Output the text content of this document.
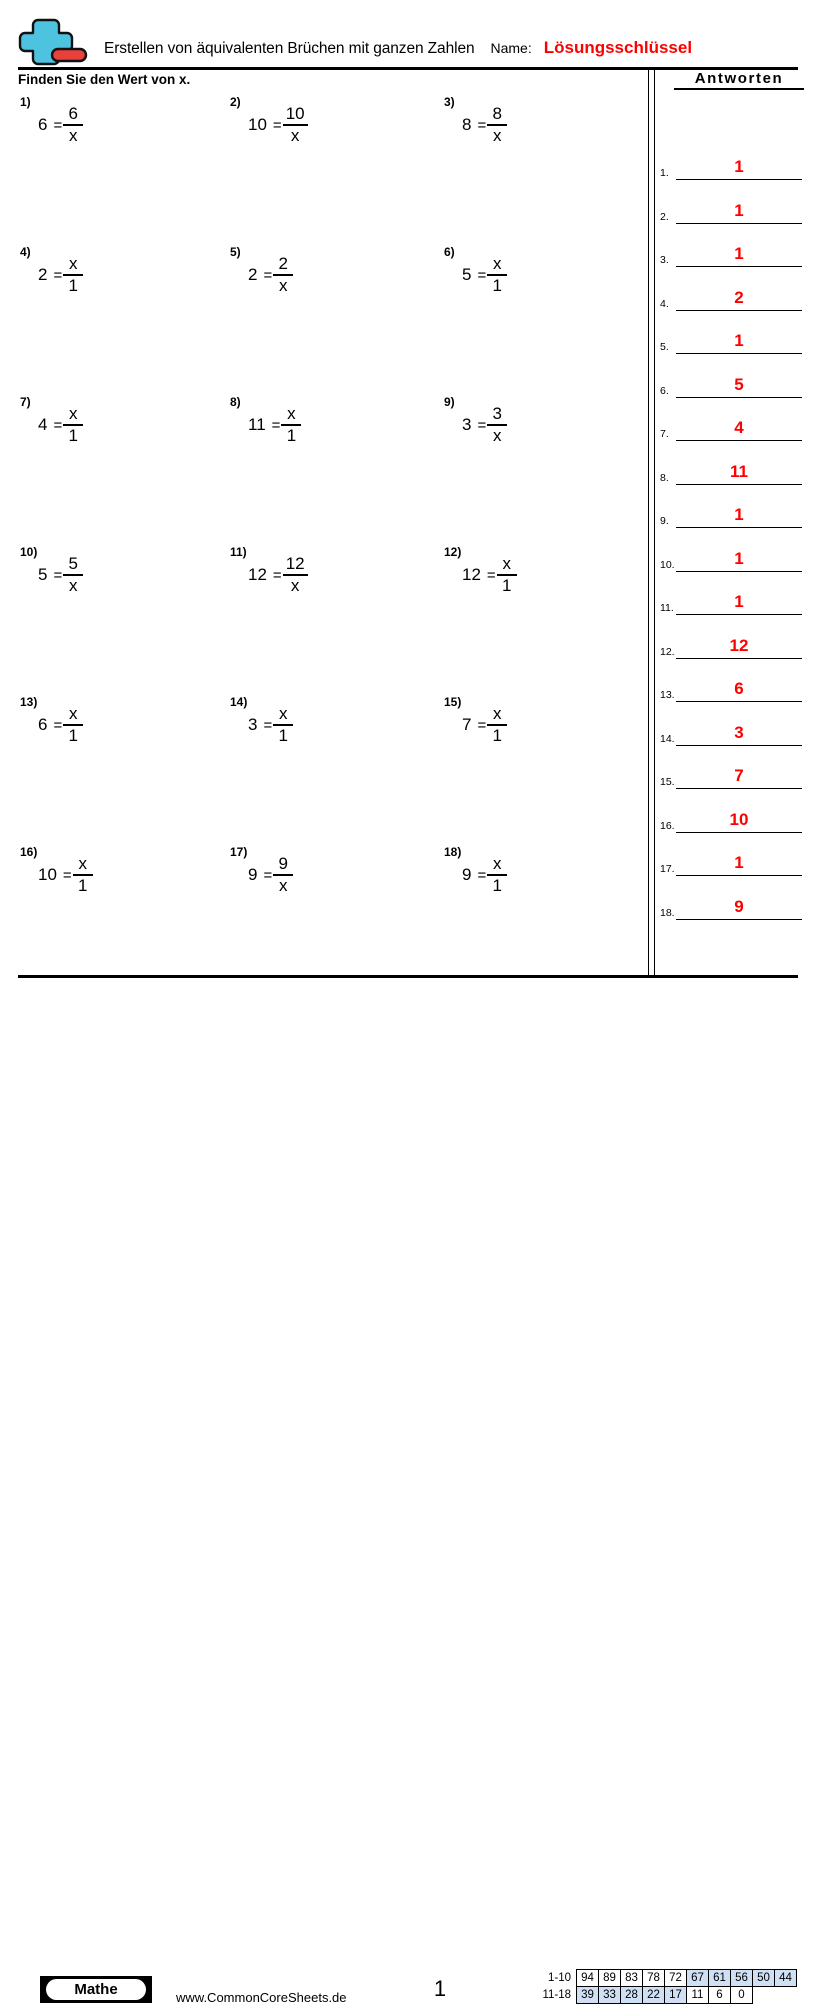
Erstellen von äquivalenten Brüchen mit ganzen Zahlen Name: Lösungsschlüssel
Finden Sie den Wert von x.
1)
$6 = \frac{6}{x}$
2)
$10 = \frac{10}{x}$
3)
$8 = \frac{8}{x}$
4)
$2 = \frac{x}{1}$
5)
$2 = \frac{2}{x}$
6)
$5 = \frac{x}{1}$
7)
$4 = \frac{x}{1}$
8)
$11 = \frac{x}{1}$
9)
$3 = \frac{3}{x}$
10)
$5 = \frac{5}{x}$
11)
$12 = \frac{12}{x}$
12)
$12 = \frac{x}{1}$
13)
$6 = \frac{x}{1}$
14)
$3 = \frac{x}{1}$
15)
$7 = \frac{x}{1}$
16)
$10 = \frac{x}{1}$
17)
$9 = \frac{9}{x}$
18)
$9 = \frac{x}{1}$
Antworten
1.	1
2.	1
3.	1
4.	2
5.	1
6.	5
7.	4
8.	11
9.	1
10.	1
11.	1
12.	12
13.	6
14.	3
15.	7
16.	10
17.	1
18.	9
Mathe	www.CommonCoreSheets.de	1	1-10	94	89	83	78	72	67	61	56	50	44
11-18	39	33	28	22	17	11	6	0		
